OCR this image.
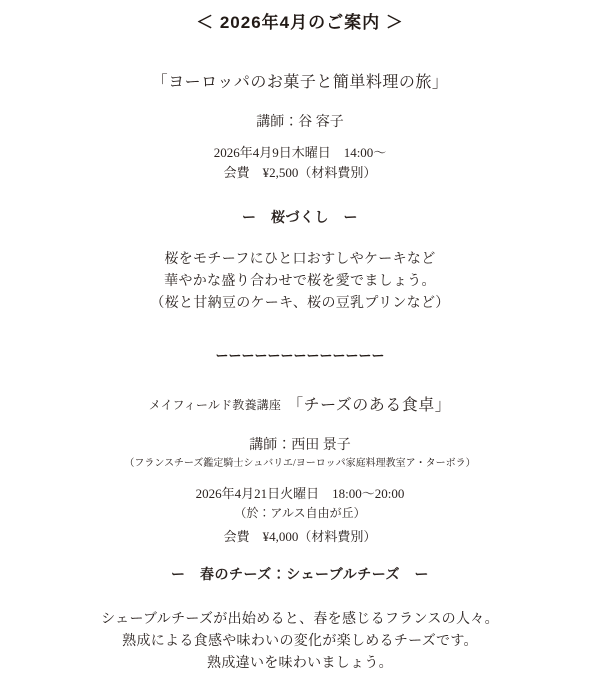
＜ 2026年4月のご案内 ＞
「ヨーロッパのお菓子と簡単料理の旅」

講師：谷 容子

2026年4月9日木曜日　14:00～

会費　¥2,500（材料費別）

ー　桜づくし　ー

桜をモチーフにひと口おすしやケーキなど

華やかな盛り合わせで桜を愛でましょう。

（桜と甘納豆のケーキ、桜の豆乳プリンなど）

ーーーーーーーーーーーーー
メイフィールド教養講座 「チーズのある食卓」

講師：西田 景子

（フランスチーズ鑑定騎士シュバリエ/ヨーロッパ家庭料理教室ア・ターボラ）

2026年4月21日火曜日　18:00～20:00

（於：アルス自由が丘）

会費　¥4,000（材料費別）

ー　春のチーズ：シェーブルチーズ　ー

シェーブルチーズが出始めると、春を感じるフランスの人々。

熟成による食感や味わいの変化が楽しめるチーズです。

熟成違いを味わいましょう。
